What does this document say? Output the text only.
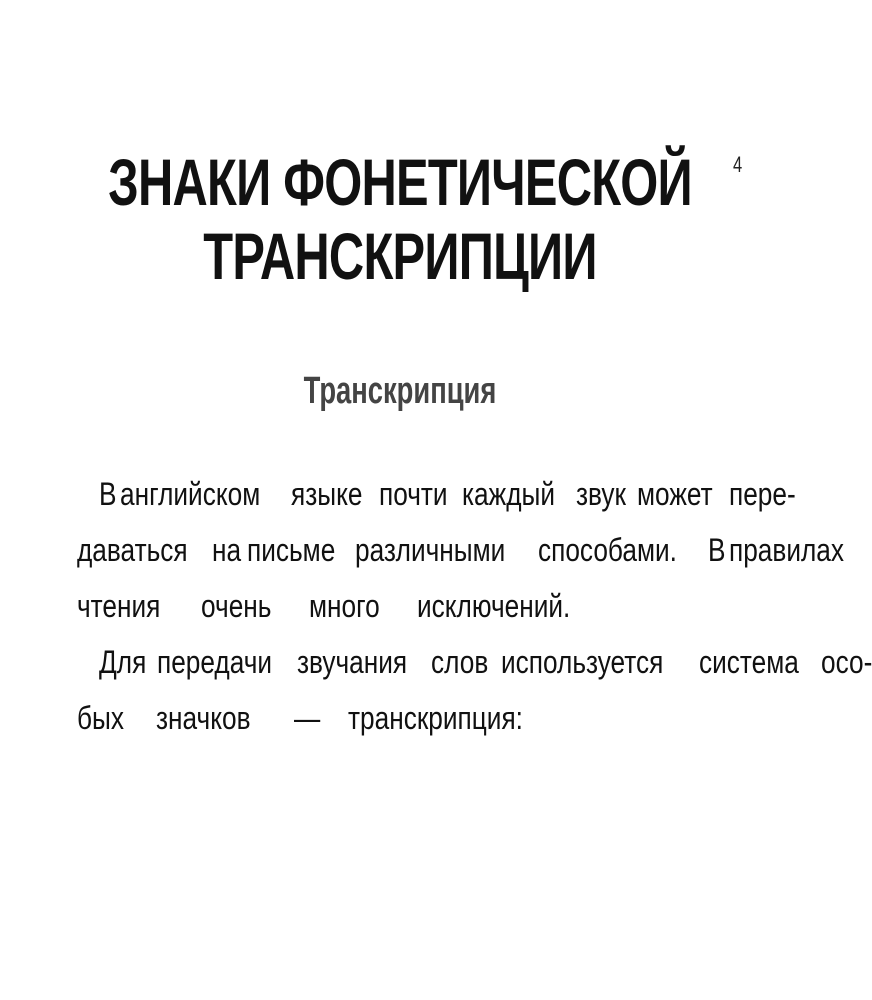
4
ЗНАКИ ФОНЕТИЧЕСКОЙ
ТРАНСКРИПЦИИ
Транскрипция
В английском языке почти каждый звук может пере-
даваться на письме различными способами. В правилах
чтения очень много исключений.
Для передачи звучания слов используется система осо-
бых значков — транскрипция:
